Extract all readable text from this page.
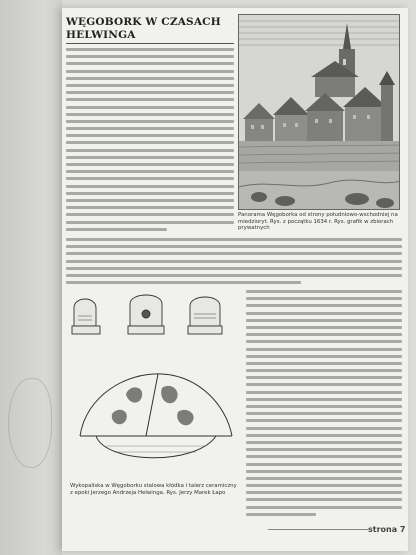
WĘGOBORK W CZASACH HELWINGA
Panorama Węgoborka od strony południowo-wschodniej na miedzioryt. Rys. z początku 1634 r. Rys. grafik w zbiorach prywatnych
Wykopaliska w Węgoborku stalowa kłódka i talerz ceramiczny z epoki Jerzego Andrzeja Helwinga. Rys. Jerzy Marek Łapo
strona 7
